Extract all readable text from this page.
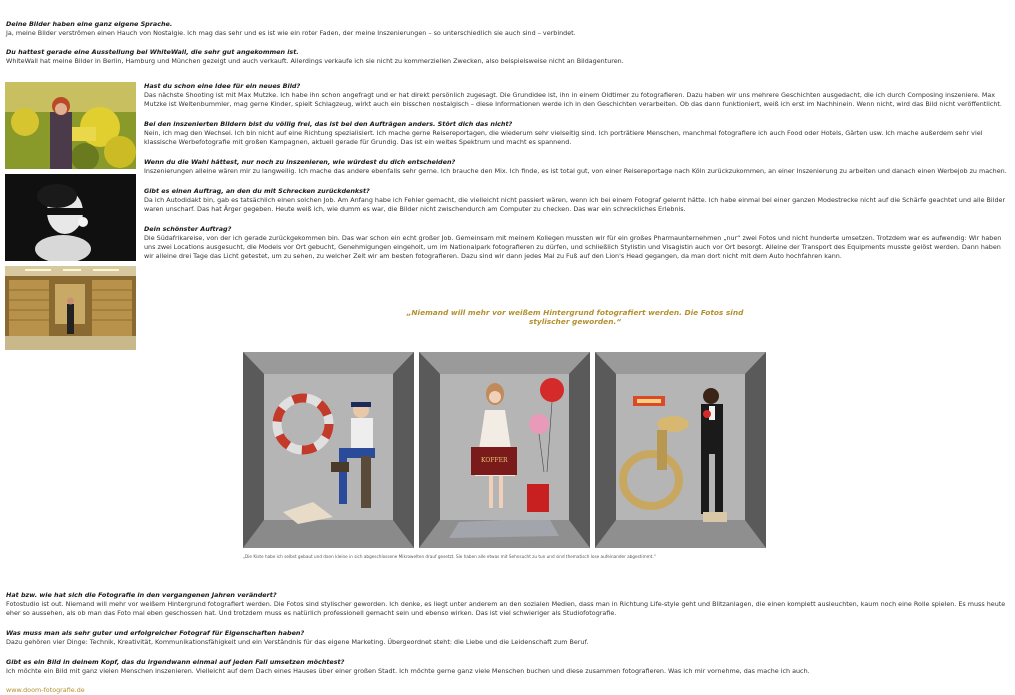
Deine Bilder haben eine ganz eigene Sprache.
Ja, meine Bilder verströmen einen Hauch von Nostalgie. Ich mag das sehr und es ist wie ein roter Faden, der meine Inszenierungen – so unterschiedlich sie auch sind – verbindet.
Du hattest gerade eine Ausstellung bei WhiteWall, die sehr gut angekommen ist.
WhiteWall hat meine Bilder in Berlin, Hamburg und München gezeigt und auch verkauft. Allerdings verkaufe ich sie nicht zu kommerziellen Zwecken, also beispielsweise nicht an Bildagenturen.
Hast du schon eine Idee für ein neues Bild?
Das nächste Shooting ist mit Max Mutzke. Ich habe ihn schon angefragt und er hat direkt persönlich zugesagt. Die Grundidee ist, ihn in einem Oldtimer zu fotografieren. Dazu haben wir uns mehrere Geschichten ausgedacht, die ich durch Composing inszeniere. Max Mutzke ist Weltenbummler, mag gerne Kinder, spielt Schlagzeug, wirkt auch ein bisschen nostalgisch – diese Informationen werde ich in den Geschichten verarbeiten. Ob das dann funktioniert, weiß ich erst im Nachhinein. Wenn nicht, wird das Bild nicht veröffentlicht.
Bei den inszenierten Bildern bist du völlig frei, das ist bei den Aufträgen anders. Stört dich das nicht?
Nein, ich mag den Wechsel. Ich bin nicht auf eine Richtung spezialisiert. Ich mache gerne Reisereportagen, die wiederum sehr vielseitig sind. Ich porträtiere Menschen, manchmal fotografiere ich auch Food oder Hotels, Gärten usw. Ich mache außerdem sehr viel klassische Werbefotografie mit großen Kampagnen, aktuell gerade für Grundig. Das ist ein weites Spektrum und macht es spannend.
Wenn du die Wahl hättest, nur noch zu inszenieren, wie würdest du dich entscheiden?
Inszenierungen alleine wären mir zu langweilig. Ich mache das andere ebenfalls sehr gerne. Ich brauche den Mix. Ich finde, es ist total gut, von einer Reisereportage nach Köln zurückzukommen, an einer Inszenierung zu arbeiten und danach einen Werbejob zu machen.
Gibt es einen Auftrag, an den du mit Schrecken zurückdenkst?
Da ich Autodidakt bin, gab es tatsächlich einen solchen Job. Am Anfang habe ich Fehler gemacht, die vielleicht nicht passiert wären, wenn ich bei einem Fotograf gelernt hätte. Ich habe einmal bei einer ganzen Modestrecke nicht auf die Schärfe geachtet und alle Bilder waren unscharf. Das hat Ärger gegeben. Heute weiß ich, wie dumm es war, die Bilder nicht zwischendurch am Computer zu checken. Das war ein schreckliches Erlebnis.
Dein schönster Auftrag?
Die Südafrikareise, von der ich gerade zurückgekommen bin. Das war schon ein echt großer Job. Gemeinsam mit meinem Kollegen mussten wir für ein großes Pharmaunternehmen „nur“ zwei Fotos und nicht hunderte umsetzen. Trotzdem war es aufwendig: Wir haben uns zwei Locations ausgesucht, die Models vor Ort gebucht, Genehmigungen eingeholt, um im Nationalpark fotografieren zu dürfen, und schließlich Stylistin und Visagistin auch vor Ort besorgt. Alleine der Transport des Equipments musste gelöst werden. Dann haben wir alleine drei Tage das Licht getestet, um zu sehen, zu welcher Zeit wir am besten fotografieren. Dazu sind wir dann jedes Mal zu Fuß auf den Lion's Head gegangen, da man dort nicht mit dem Auto hochfahren kann.
„Niemand will mehr vor weißem Hintergrund fotografiert werden. Die Fotos sind stylischer geworden.“
KOFFER
„Die Kiste habe ich selbst gebaut und dann kleine in sich abgeschlossene Mikrowelten drauf gesetzt. Sie haben alle etwas mit Sehnsucht zu tun und sind thematisch lose aufeinander abgestimmt.“
Hat bzw. wie hat sich die Fotografie in den vergangenen Jahren verändert?
Fotostudio ist out. Niemand will mehr vor weißem Hintergrund fotografiert werden. Die Fotos sind stylischer geworden. Ich denke, es liegt unter anderem an den sozialen Medien, dass man in Richtung Life-style geht und Blitzanlagen, die einen komplett ausleuchten, kaum noch eine Rolle spielen. Es muss heute eher so aussehen, als ob man das Foto mal eben geschossen hat. Und trotzdem muss es natürlich professionell gemacht sein und ebenso wirken. Das ist viel schwieriger als Studiofotografie.
Was muss man als sehr guter und erfolgreicher Fotograf für Eigenschaften haben?
Dazu gehören vier Dinge: Technik, Kreativität, Kommunikationsfähigkeit und ein Verständnis für das eigene Marketing. Übergeordnet steht: die Liebe und die Leidenschaft zum Beruf.
Gibt es ein Bild in deinem Kopf, das du irgendwann einmal auf jeden Fall umsetzen möchtest?
Ich möchte ein Bild mit ganz vielen Menschen inszenieren. Vielleicht auf dem Dach eines Hauses über einer großen Stadt. Ich möchte gerne ganz viele Menschen buchen und diese zusammen fotografieren. Was ich mir vornehme, das mache ich auch.
www.doom-fotografie.de
